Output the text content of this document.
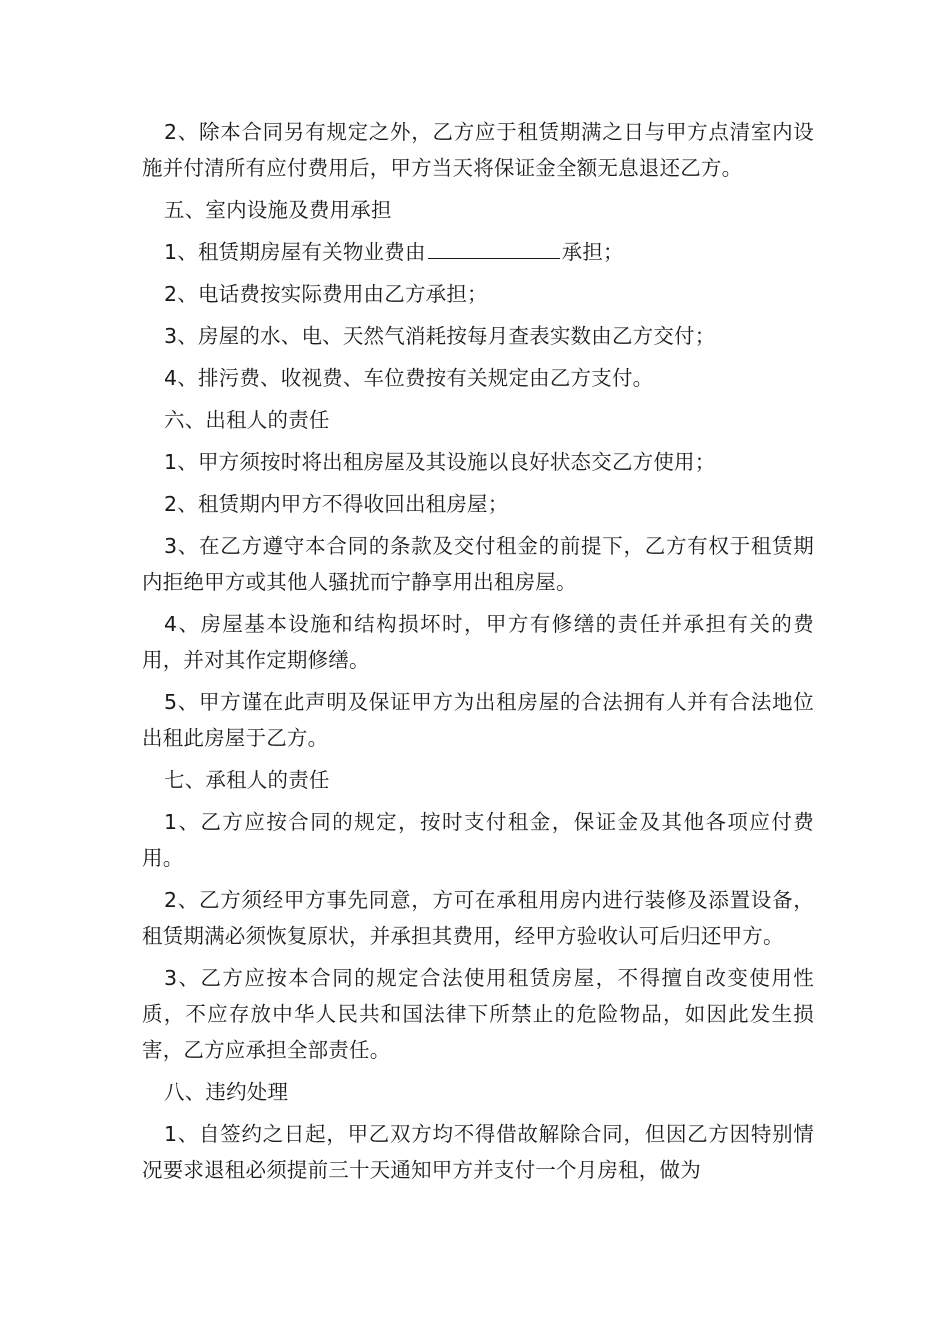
2、除本合同另有规定之外，乙方应于租赁期满之日与甲方点清室内设施并付清所有应付费用后，甲方当天将保证金全额无息退还乙方。

五、室内设施及费用承担

1、租赁期房屋有关物业费由	承担；

2、电话费按实际费用由乙方承担；

3、房屋的水、电、天然气消耗按每月查表实数由乙方交付；

4、排污费、收视费、车位费按有关规定由乙方支付。

六、出租人的责任

1、甲方须按时将出租房屋及其设施以良好状态交乙方使用；

2、租赁期内甲方不得收回出租房屋；

3、在乙方遵守本合同的条款及交付租金的前提下，乙方有权于租赁期内拒绝甲方或其他人骚扰而宁静享用出租房屋。

4、房屋基本设施和结构损坏时，甲方有修缮的责任并承担有关的费用，并对其作定期修缮。

5、甲方谨在此声明及保证甲方为出租房屋的合法拥有人并有合法地位出租此房屋于乙方。

七、承租人的责任

1、乙方应按合同的规定，按时支付租金，保证金及其他各项应付费用。

2、乙方须经甲方事先同意，方可在承租用房内进行装修及添置设备，租赁期满必须恢复原状，并承担其费用，经甲方验收认可后归还甲方。

3、乙方应按本合同的规定合法使用租赁房屋，不得擅自改变使用性质，不应存放中华人民共和国法律下所禁止的危险物品，如因此发生损害，乙方应承担全部责任。

八、违约处理

1、自签约之日起，甲乙双方均不得借故解除合同，但因乙方因特别情况要求退租必须提前三十天通知甲方并支付一个月房租，做为
